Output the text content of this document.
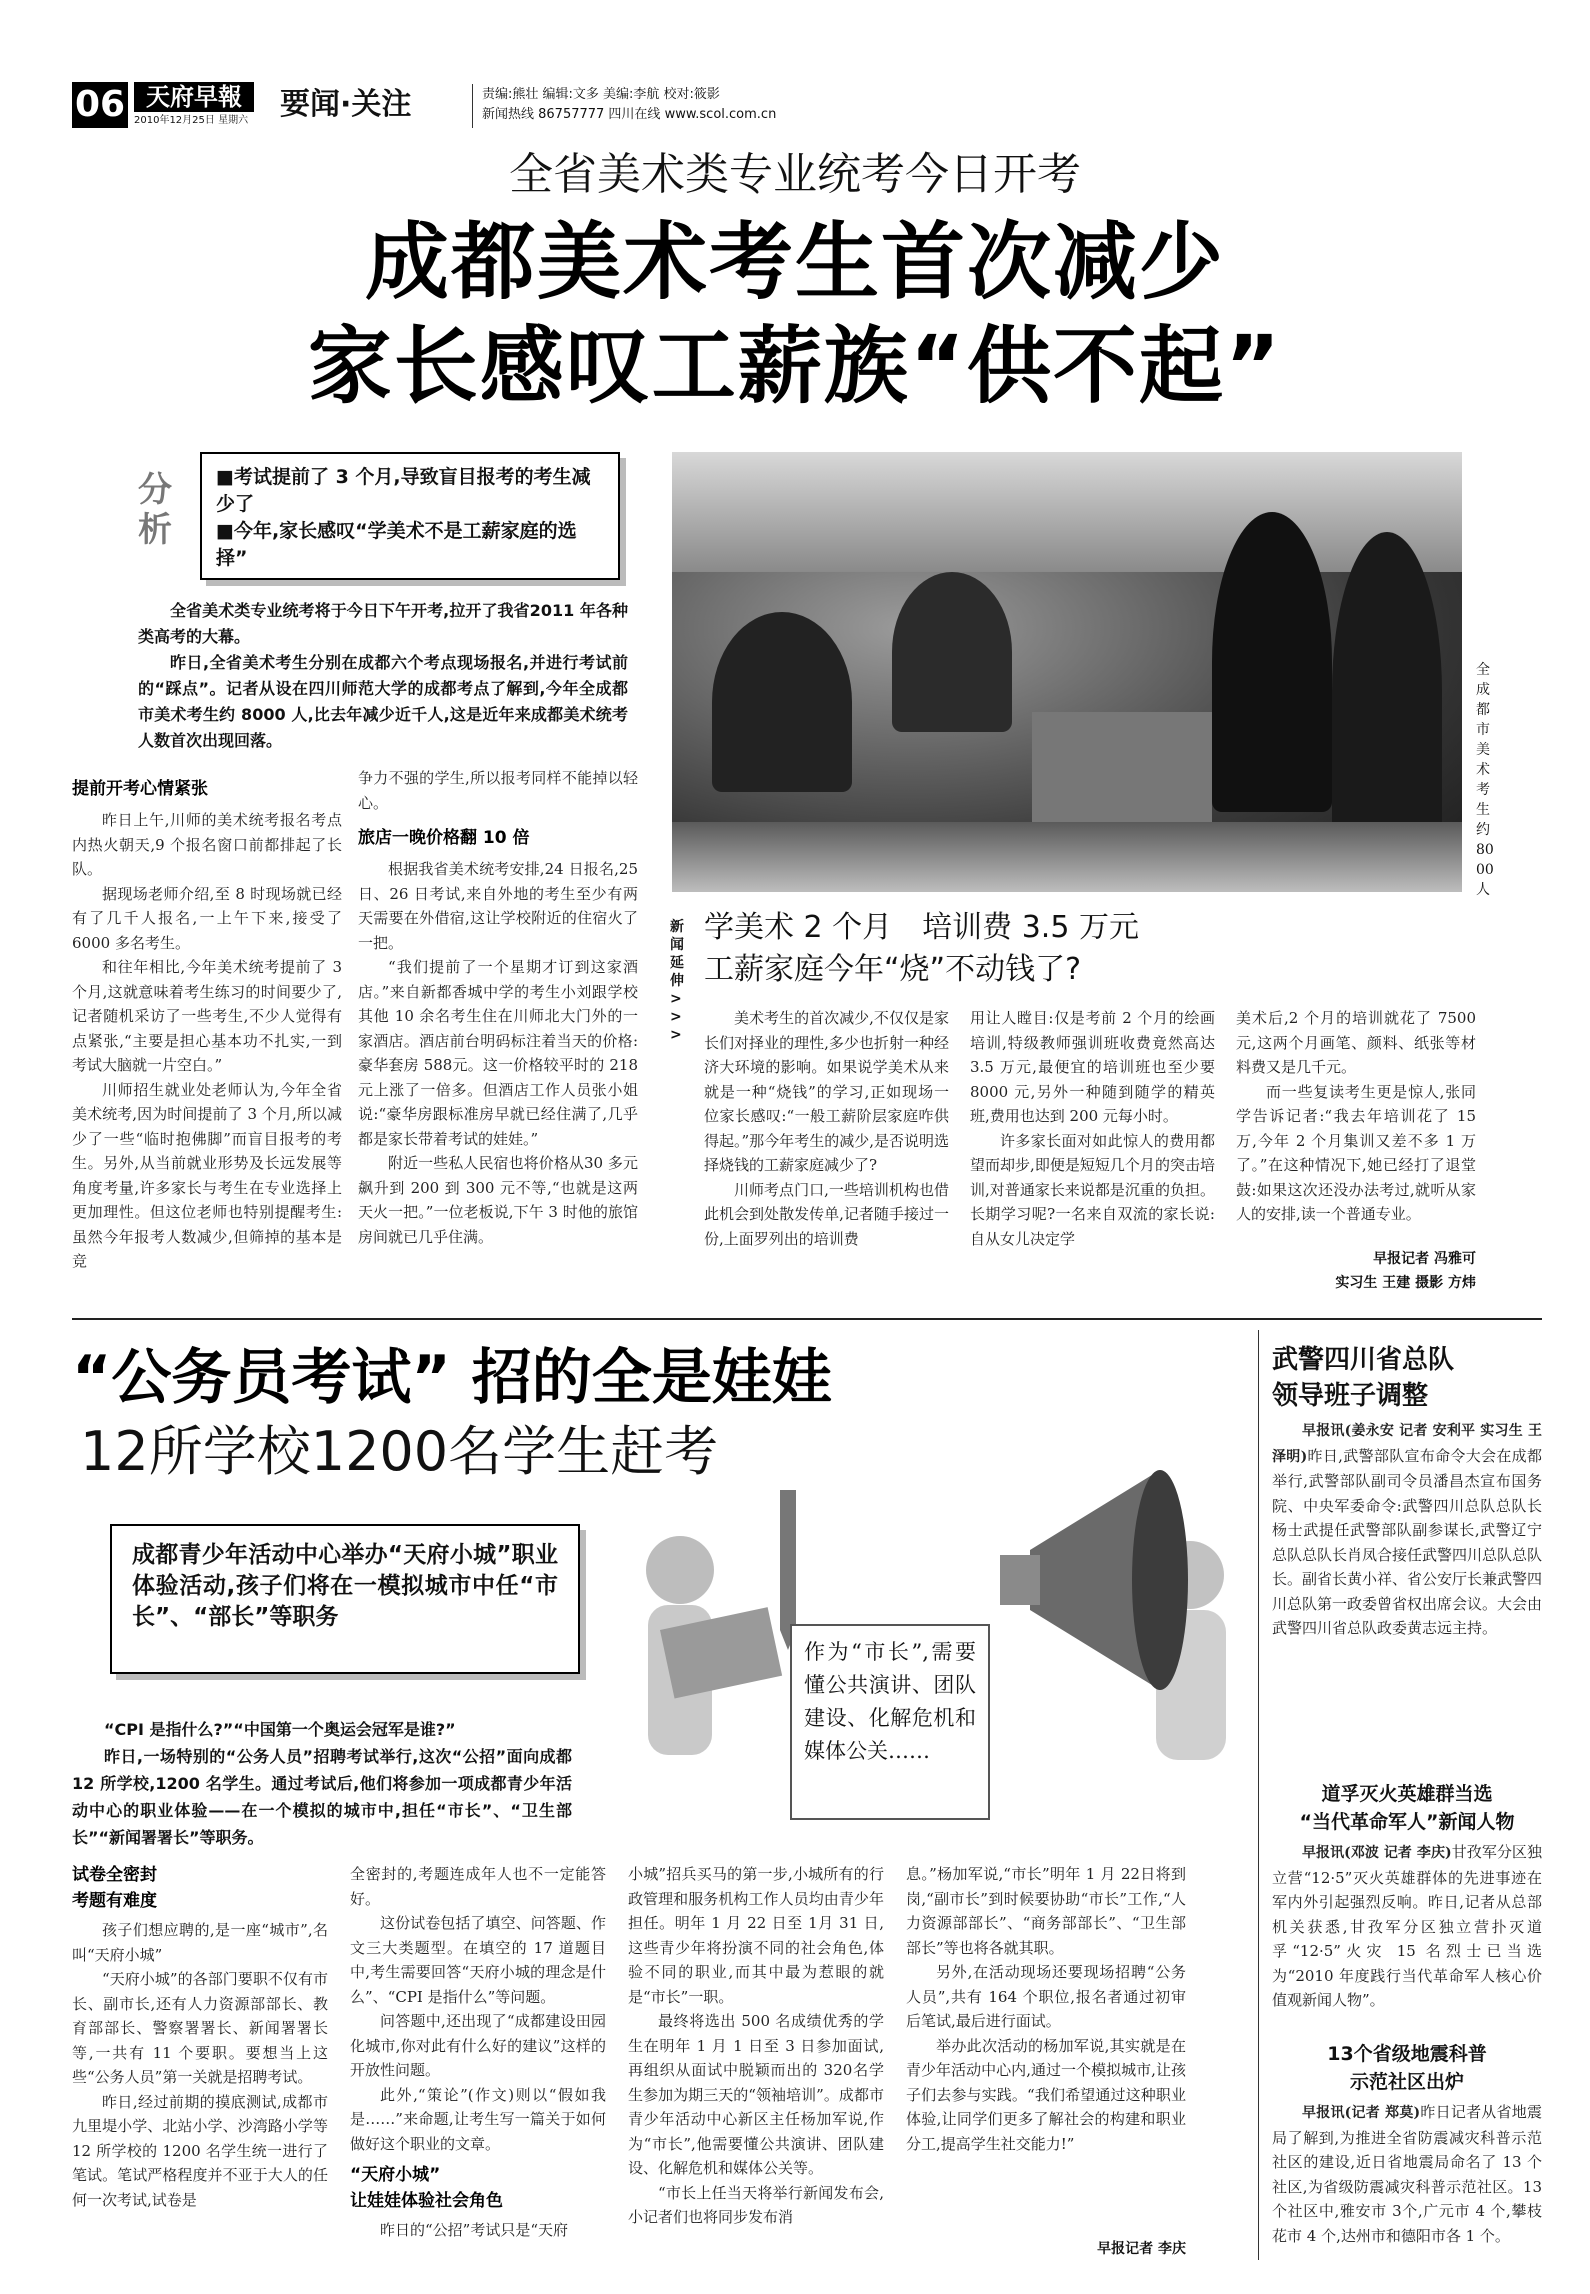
06 天府早報
2010年12月25日 星期六	要闻·关注	责编:熊壮 编辑:文多 美编:李航 校对:筱影
新闻热线 86757777 四川在线 www.scol.com.cn
全省美术类专业统考今日开考
成都美术考生首次减少
家长感叹工薪族“供不起”
分析
■考试提前了 3 个月,导致盲目报考的考生减少了
■今年,家长感叹“学美术不是工薪家庭的选择”

全省美术类专业统考将于今日下午开考,拉开了我省2011 年各种类高考的大幕。

昨日,全省美术考生分别在成都六个考点现场报名,并进行考试前的“踩点”。记者从设在四川师范大学的成都考点了解到,今年全成都市美术考生约 8000 人,比去年减少近千人,这是近年来成都美术统考人数首次出现回落。

全成都市美术考生约8000人
提前开考心情紧张

昨日上午,川师的美术统考报名考点内热火朝天,9 个报名窗口前都排起了长队。

据现场老师介绍,至 8 时现场就已经有了几千人报名,一上午下来,接受了 6000 多名考生。

和往年相比,今年美术统考提前了 3 个月,这就意味着考生练习的时间要少了,记者随机采访了一些考生,不少人觉得有点紧张,“主要是担心基本功不扎实,一到考试大脑就一片空白。”

川师招生就业处老师认为,今年全省美术统考,因为时间提前了 3 个月,所以减少了一些“临时抱佛脚”而盲目报考的考生。另外,从当前就业形势及长远发展等角度考量,许多家长与考生在专业选择上更加理性。但这位老师也特别提醒考生:虽然今年报考人数减少,但筛掉的基本是竞

争力不强的学生,所以报考同样不能掉以轻心。

旅店一晚价格翻 10 倍

根据我省美术统考安排,24 日报名,25 日、26 日考试,来自外地的考生至少有两天需要在外借宿,这让学校附近的住宿火了一把。

“我们提前了一个星期才订到这家酒店。”来自新都香城中学的考生小刘跟学校其他 10 余名考生住在川师北大门外的一家酒店。酒店前台明码标注着当天的价格:豪华套房 588元。这一价格较平时的 218 元上涨了一倍多。但酒店工作人员张小姐说:“豪华房跟标准房早就已经住满了,几乎都是家长带着考试的娃娃。”

附近一些私人民宿也将价格从30 多元飙升到 200 到 300 元不等,“也就是这两天火一把。”一位老板说,下午 3 时他的旅馆房间就已几乎住满。

新闻延伸>>>
学美术 2 个月　培训费 3.5 万元
工薪家庭今年“烧”不动钱了?

美术考生的首次减少,不仅仅是家长们对择业的理性,多少也折射一种经济大环境的影响。如果说学美术从来就是一种“烧钱”的学习,正如现场一位家长感叹:“一般工薪阶层家庭咋供得起。”那今年考生的减少,是否说明选择烧钱的工薪家庭减少了?

川师考点门口,一些培训机构也借此机会到处散发传单,记者随手接过一份,上面罗列出的培训费

用让人瞠目:仅是考前 2 个月的绘画培训,特级教师强训班收费竟然高达 3.5 万元,最便宜的培训班也至少要 8000 元,另外一种随到随学的精英班,费用也达到 200 元每小时。

许多家长面对如此惊人的费用都望而却步,即便是短短几个月的突击培训,对普通家长来说都是沉重的负担。长期学习呢?一名来自双流的家长说:自从女儿决定学

美术后,2 个月的培训就花了 7500元,这两个月画笔、颜料、纸张等材料费又是几千元。

而一些复读考生更是惊人,张同学告诉记者:“我去年培训花了 15 万,今年 2 个月集训又差不多 1 万了。”在这种情况下,她已经打了退堂鼓:如果这次还没办法考过,就听从家人的安排,读一个普通专业。

早报记者 冯雅可
实习生 王建 摄影 方炜
“公务员考试” 招的全是娃娃
12所学校1200名学生赶考
成都青少年活动中心举办“天府小城”职业体验活动,孩子们将在一模拟城市中任“市长”、“部长”等职务
作为“市长”,需要懂公共演讲、团队建设、化解危机和媒体公关……

“CPI 是指什么?”“中国第一个奥运会冠军是谁?”

昨日,一场特别的“公务人员”招聘考试举行,这次“公招”面向成都 12 所学校,1200 名学生。通过考试后,他们将参加一项成都青少年活动中心的职业体验——在一个模拟的城市中,担任“市长”、“卫生部长”“新闻署署长”等职务。

试卷全密封
考题有难度

孩子们想应聘的,是一座“城市”,名叫“天府小城”

“天府小城”的各部门要职不仅有市长、副市长,还有人力资源部部长、教育部部长、警察署署长、新闻署署长等,一共有 11 个要职。要想当上这些“公务人员”第一关就是招聘考试。

昨日,经过前期的摸底测试,成都市九里堤小学、北站小学、沙湾路小学等 12 所学校的 1200 名学生统一进行了笔试。笔试严格程度并不亚于大人的任何一次考试,试卷是

全密封的,考题连成年人也不一定能答好。

这份试卷包括了填空、问答题、作文三大类题型。在填空的 17 道题目中,考生需要回答“天府小城的理念是什么”、“CPI 是指什么”等问题。

问答题中,还出现了“成都建设田园化城市,你对此有什么好的建议”这样的开放性问题。

此外,“策论”(作文)则以“假如我是……”来命题,让考生写一篇关于如何做好这个职业的文章。

“天府小城”
让娃娃体验社会角色

昨日的“公招”考试只是“天府

小城”招兵买马的第一步,小城所有的行政管理和服务机构工作人员均由青少年担任。明年 1 月 22 日至 1月 31 日,这些青少年将扮演不同的社会角色,体验不同的职业,而其中最为惹眼的就是“市长”一职。

最终将选出 500 名成绩优秀的学生在明年 1 月 1 日至 3 日参加面试,再组织从面试中脱颖而出的 320名学生参加为期三天的“领袖培训”。成都市青少年活动中心新区主任杨加军说,作为“市长”,他需要懂公共演讲、团队建设、化解危机和媒体公关等。

“市长上任当天将举行新闻发布会,小记者们也将同步发布消

息。”杨加军说,“市长”明年 1 月 22日将到岗,“副市长”到时候要协助“市长”工作,“人力资源部部长”、“商务部部长”、“卫生部部长”等也将各就其职。

另外,在活动现场还要现场招聘“公务人员”,共有 164 个职位,报名者通过初审后笔试,最后进行面试。

举办此次活动的杨加军说,其实就是在青少年活动中心内,通过一个模拟城市,让孩子们去参与实践。“我们希望通过这种职业体验,让同学们更多了解社会的构建和职业分工,提高学生社交能力!”

早报记者 李庆
武警四川省总队
领导班子调整

早报讯(姜永安 记者 安利平 实习生 王泽明)昨日,武警部队宣布命令大会在成都举行,武警部队副司令员潘昌杰宣布国务院、中央军委命令:武警四川总队总队长杨士武提任武警部队副参谋长,武警辽宁总队总队长肖凤合接任武警四川总队总队长。副省长黄小祥、省公安厅长兼武警四川总队第一政委曾省权出席会议。大会由武警四川省总队政委黄志远主持。

道孚灭火英雄群当选
“当代革命军人”新闻人物

早报讯(邓波 记者 李庆)甘孜军分区独立营“12·5”灭火英雄群体的先进事迹在军内外引起强烈反响。昨日,记者从总部机关获悉,甘孜军分区独立营扑灭道孚“12·5”火灾 15 名烈士已当选为“2010 年度践行当代革命军人核心价值观新闻人物”。

13个省级地震科普
示范社区出炉

早报讯(记者 郑莫)昨日记者从省地震局了解到,为推进全省防震减灾科普示范社区的建设,近日省地震局命名了 13 个社区,为省级防震减灾科普示范社区。13 个社区中,雅安市 3个,广元市 4 个,攀枝花市 4 个,达州市和德阳市各 1 个。
